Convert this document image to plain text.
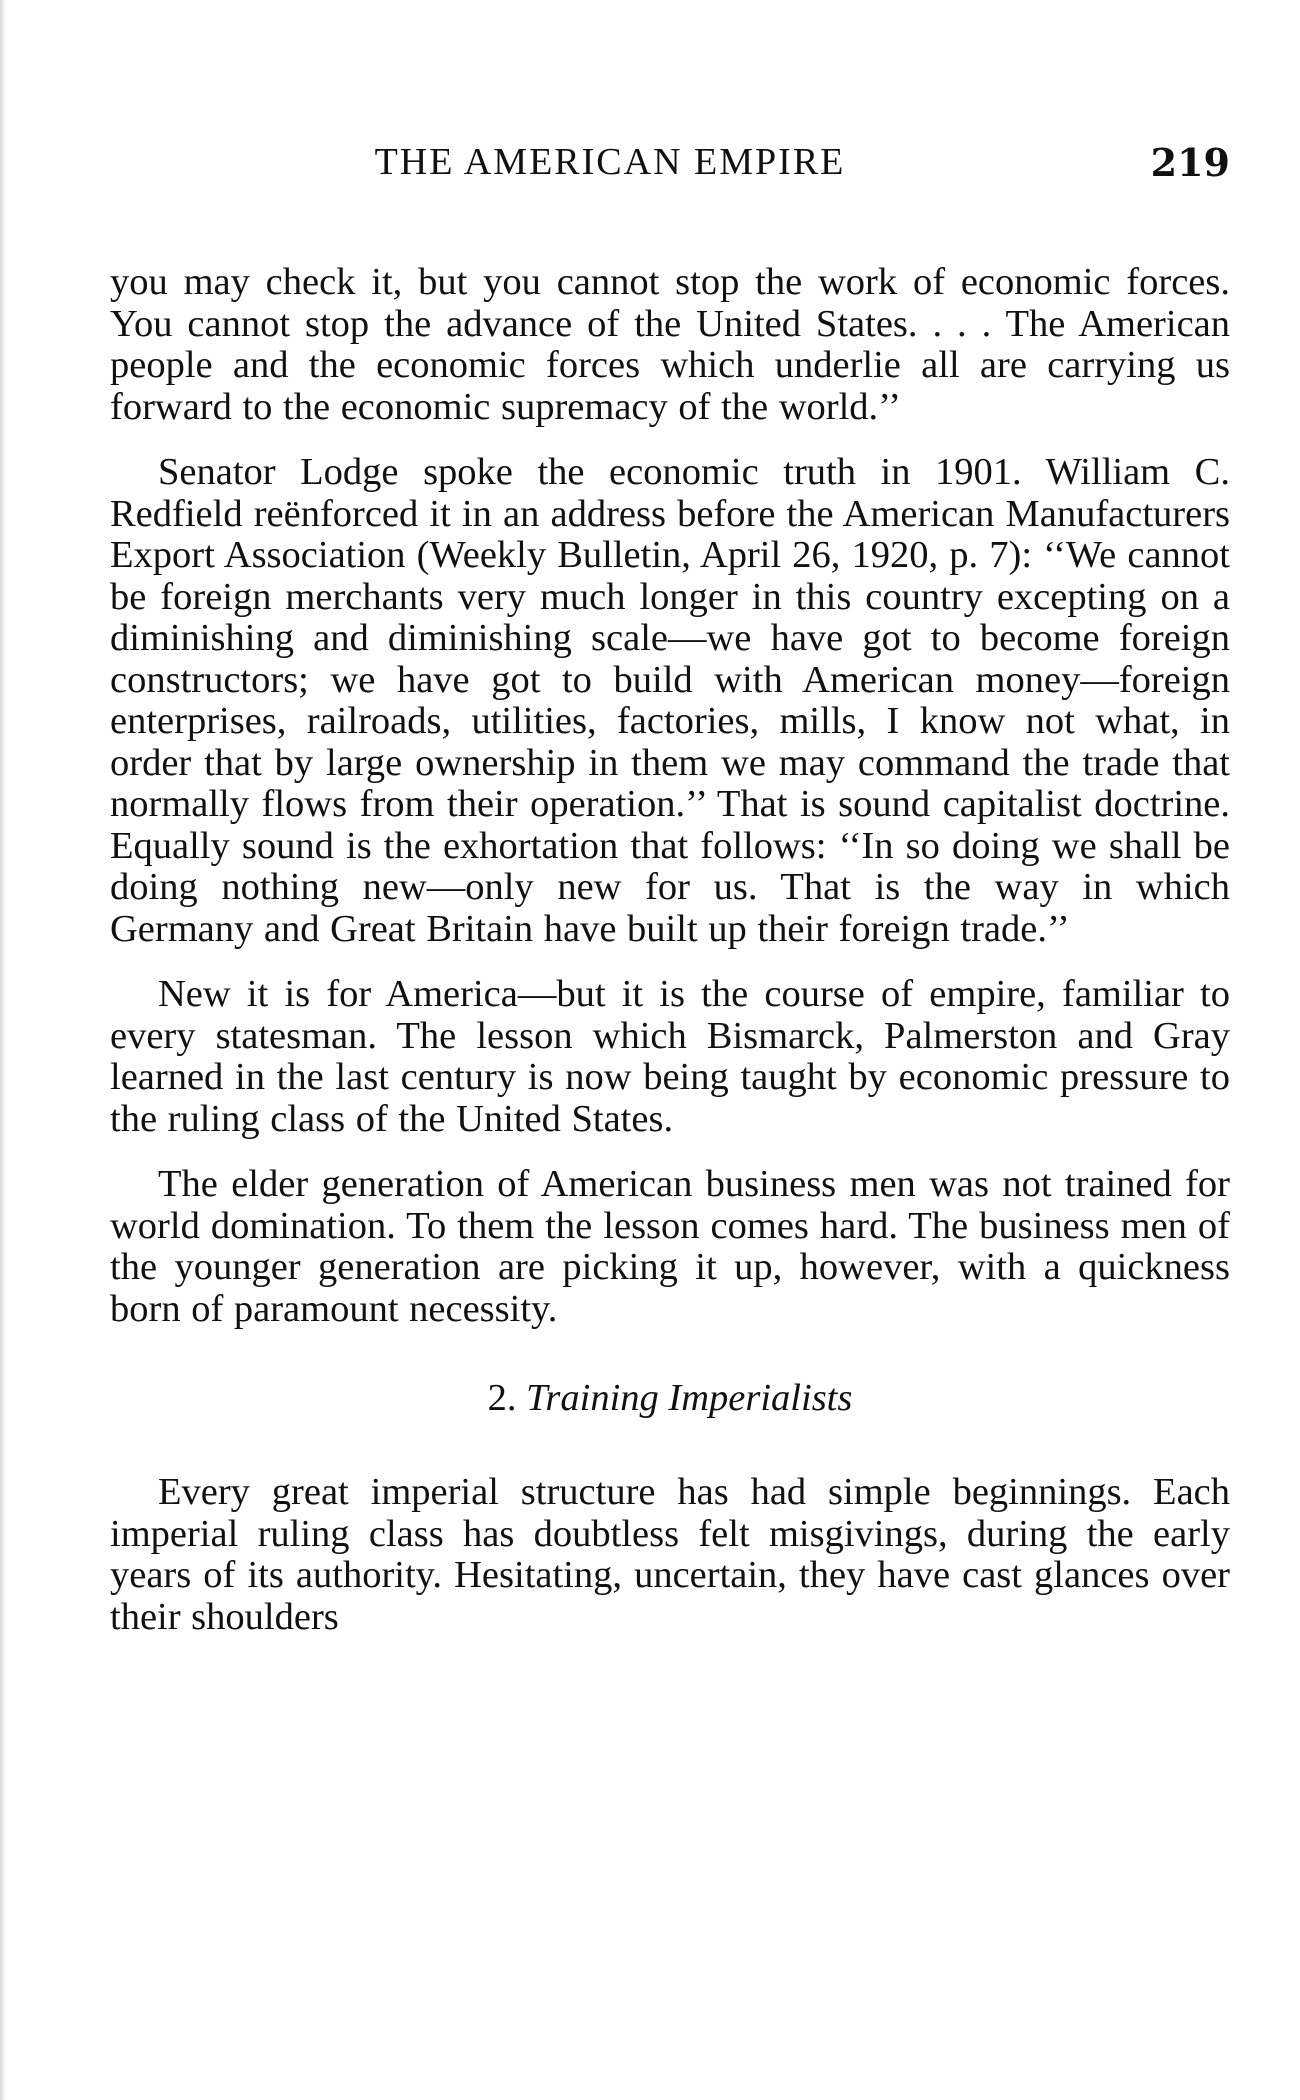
THE AMERICAN EMPIRE	219

you may check it, but you cannot stop the work of economic forces. You cannot stop the advance of the United States. . . . The American people and the economic forces which underlie all are carrying us forward to the economic supremacy of the world.’’

Senator Lodge spoke the economic truth in 1901. William C. Redfield reënforced it in an address before the American Manufacturers Export Association (Weekly Bulletin, April 26, 1920, p. 7): ‘‘We cannot be foreign merchants very much longer in this country excepting on a diminishing and diminishing scale—we have got to become foreign constructors; we have got to build with American money—foreign enterprises, railroads, utilities, factories, mills, I know not what, in order that by large ownership in them we may command the trade that normally flows from their operation.’’ That is sound capitalist doctrine. Equally sound is the exhortation that follows: ‘‘In so doing we shall be doing nothing new—only new for us. That is the way in which Germany and Great Britain have built up their foreign trade.’’

New it is for America—but it is the course of empire, familiar to every statesman. The lesson which Bismarck, Palmerston and Gray learned in the last century is now being taught by economic pressure to the ruling class of the United States.

The elder generation of American business men was not trained for world domination. To them the lesson comes hard. The business men of the younger generation are picking it up, however, with a quickness born of paramount necessity.

2. Training Imperialists

Every great imperial structure has had simple beginnings. Each imperial ruling class has doubtless felt misgivings, during the early years of its authority. Hesitating, uncertain, they have cast glances over their shoulders
